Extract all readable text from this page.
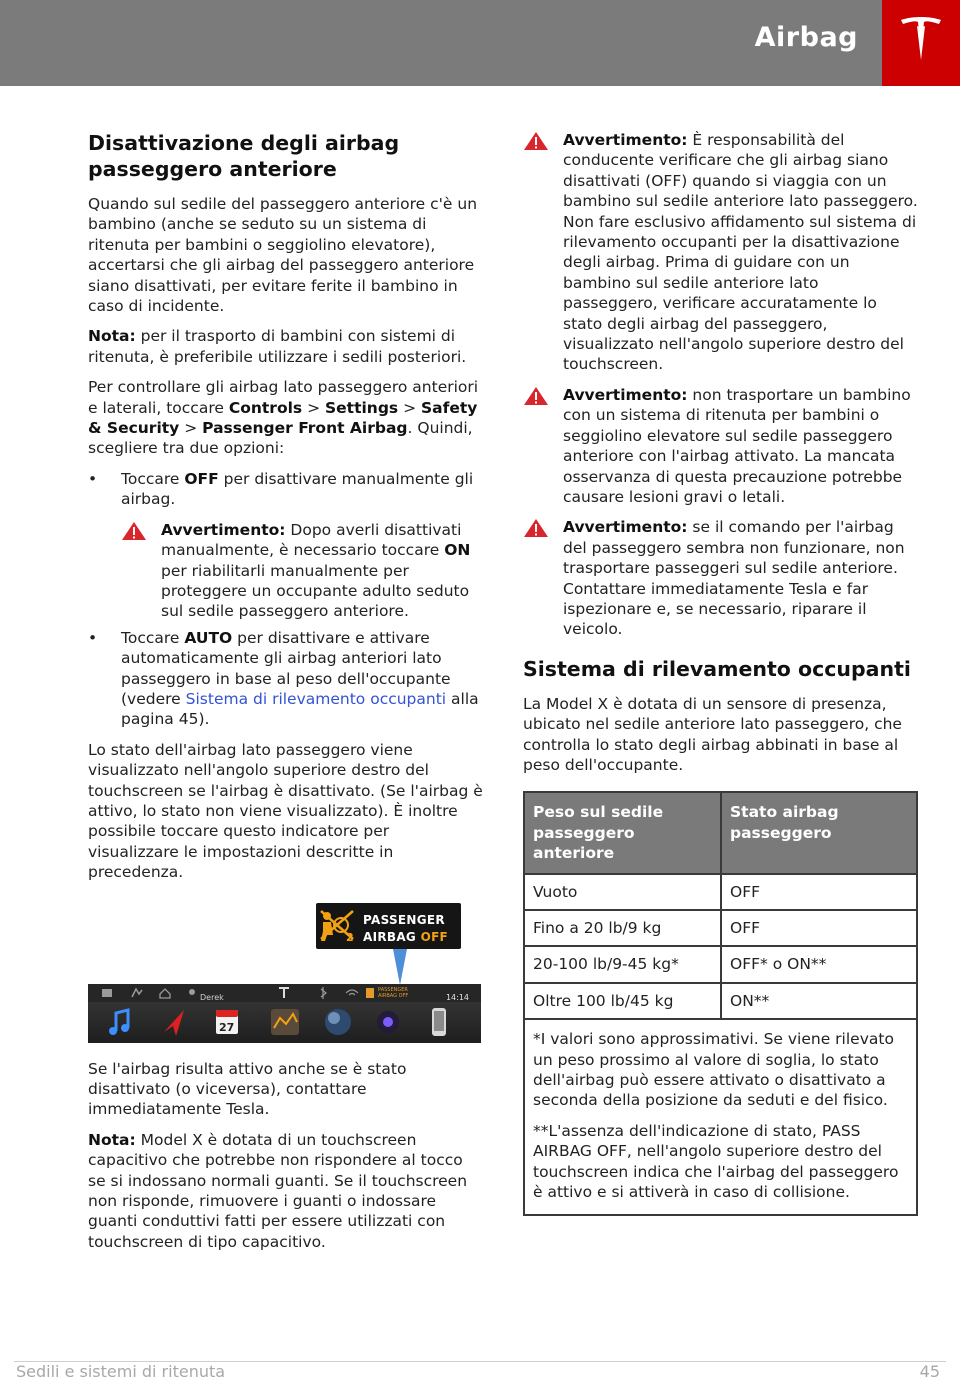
Airbag
Disattivazione degli airbag passeggero anteriore

Quando sul sedile del passeggero anteriore c'è un bambino (anche se seduto su un sistema di ritenuta per bambini o seggiolino elevatore), accertarsi che gli airbag del passeggero anteriore siano disattivati, per evitare ferite il bambino in caso di incidente.

Nota: per il trasporto di bambini con sistemi di ritenuta, è preferibile utilizzare i sedili posteriori.

Per controllare gli airbag lato passeggero anteriori e laterali, toccare Controls > Settings > Safety & Security > Passenger Front Airbag. Quindi, scegliere tra due opzioni:

• Toccare OFF per disattivare manualmente gli airbag.
Avvertimento: Dopo averli disattivati manualmente, è necessario toccare ON per riabilitarli manualmente per proteggere un occupante adulto seduto sul sedile passeggero anteriore.
• Toccare AUTO per disattivare e attivare automaticamente gli airbag anteriori lato passeggero in base al peso dell'occupante (vedere Sistema di rilevamento occupanti alla pagina 45).

Lo stato dell'airbag lato passeggero viene visualizzato nell'angolo superiore destro del touchscreen se l'airbag è disattivato. (Se l'airbag è attivo, lo stato non viene visualizzato). È inoltre possibile toccare questo indicatore per visualizzare le impostazioni descritte in precedenza.

2
PASSENGER
AIRBAG OFF
Derek
PASSENGER
AIRBAG OFF	14:14
27

Se l'airbag risulta attivo anche se è stato disattivato (o viceversa), contattare immediatamente Tesla.

Nota: Model X è dotata di un touchscreen capacitivo che potrebbe non rispondere al tocco se si indossano normali guanti. Se il touchscreen non risponde, rimuovere i guanti o indossare guanti conduttivi fatti per essere utilizzati con touchscreen di tipo capacitivo.

Avvertimento: È responsabilità del conducente verificare che gli airbag siano disattivati (OFF) quando si viaggia con un bambino sul sedile anteriore lato passeggero. Non fare esclusivo affidamento sul sistema di rilevamento occupanti per la disattivazione degli airbag. Prima di guidare con un bambino sul sedile anteriore lato passeggero, verificare accuratamente lo stato degli airbag del passeggero, visualizzato nell'angolo superiore destro del touchscreen.
Avvertimento: non trasportare un bambino con un sistema di ritenuta per bambini o seggiolino elevatore sul sedile passeggero anteriore con l'airbag attivato. La mancata osservanza di questa precauzione potrebbe causare lesioni gravi o letali.
Avvertimento: se il comando per l'airbag del passeggero sembra non funzionare, non trasportare passeggeri sul sedile anteriore. Contattare immediatamente Tesla e far ispezionare e, se necessario, riparare il veicolo.
Sistema di rilevamento occupanti

La Model X è dotata di un sensore di presenza, ubicato nel sedile anteriore lato passeggero, che controlla lo stato degli airbag abbinati in base al peso dell'occupante.

Peso sul sedile passeggero anteriore	Stato airbag passeggero
Vuoto	OFF
Fino a 20 lb/9 kg	OFF
20-100 lb/9-45 kg*	OFF* o ON**
Oltre 100 lb/45 kg	ON**

*I valori sono approssimativi. Se viene rilevato un peso prossimo al valore di soglia, lo stato dell'airbag può essere attivato o disattivato a seconda della posizione da seduti e del fisico.

**L'assenza dell'indicazione di stato, PASS AIRBAG OFF, nell'angolo superiore destro del touchscreen indica che l'airbag del passeggero è attivo e si attiverà in caso di collisione.	

Sedili e sistemi di ritenuta	45
